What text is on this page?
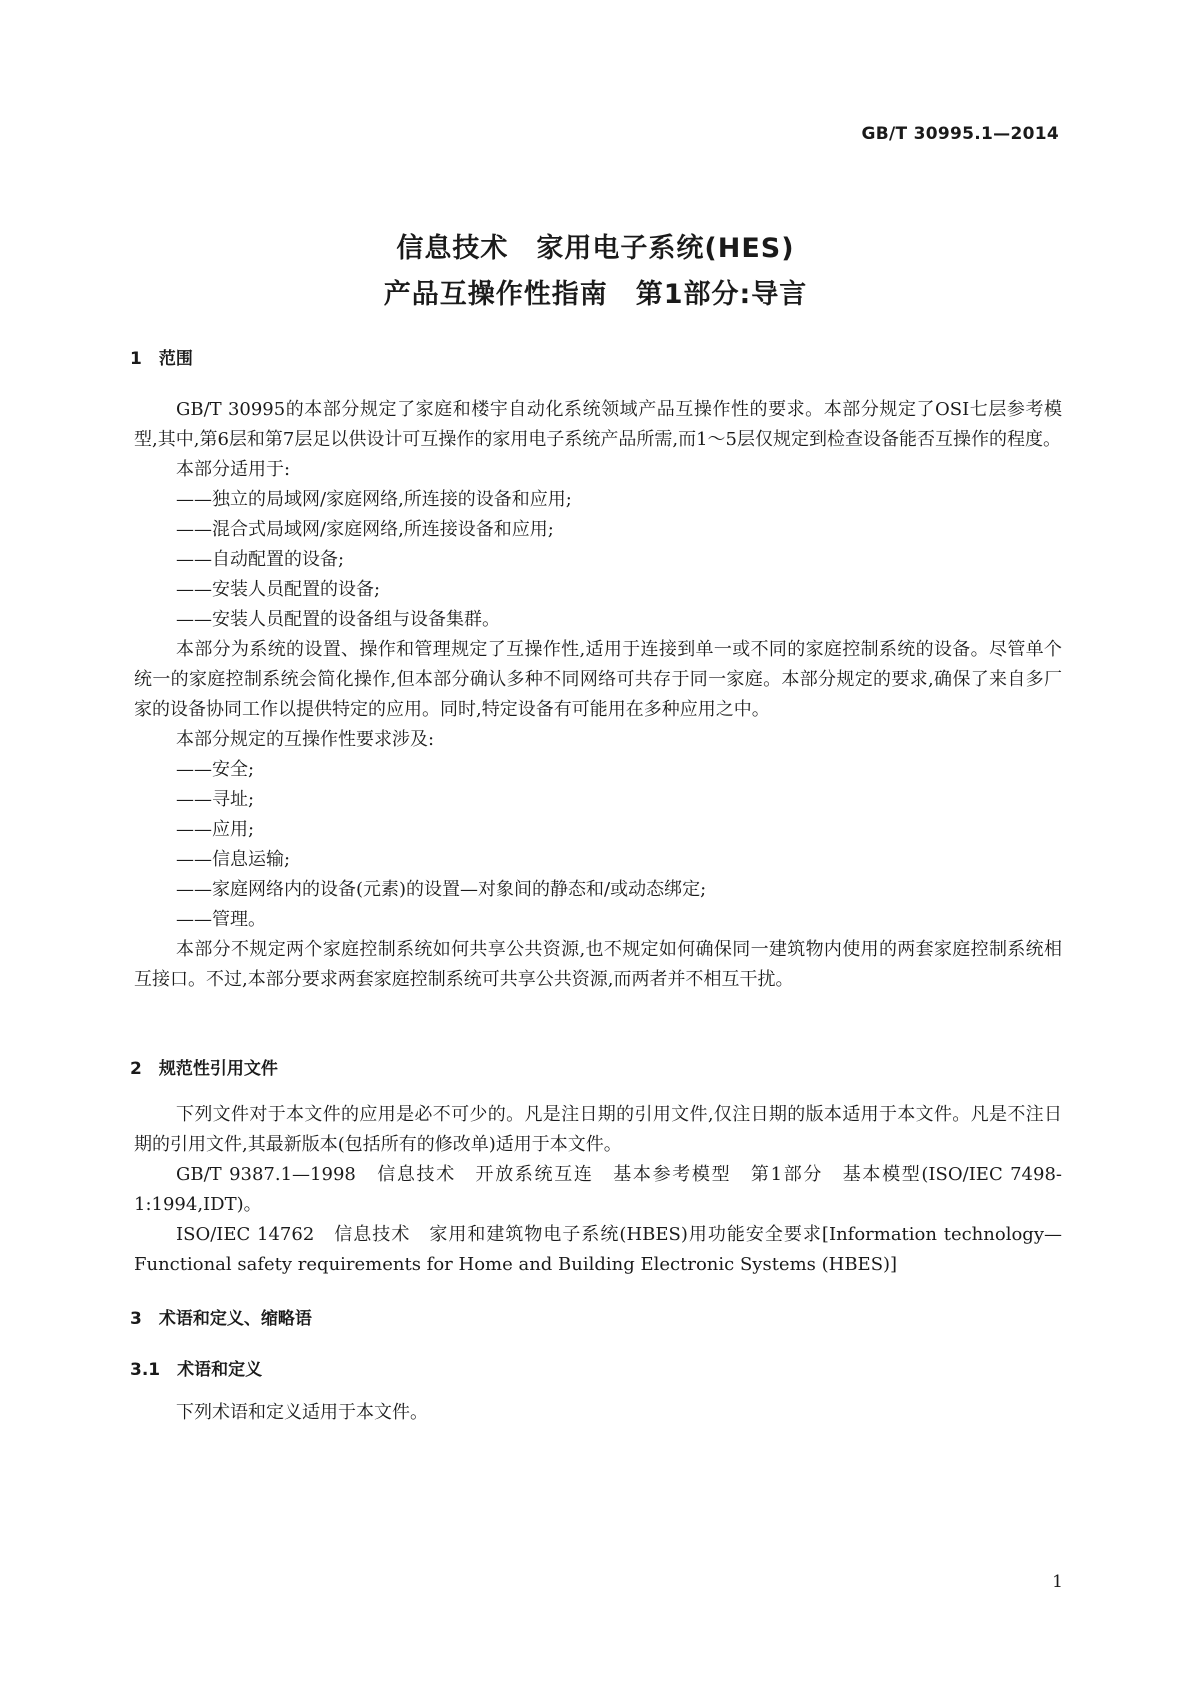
GB/T 30995.1—2014
信息技术　家用电子系统(HES)
产品互操作性指南　第1部分:导言
1　范围

GB/T 30995的本部分规定了家庭和楼宇自动化系统领域产品互操作性的要求。本部分规定了OSI七层参考模型,其中,第6层和第7层足以供设计可互操作的家用电子系统产品所需,而1～5层仅规定到检查设备能否互操作的程度。

本部分适用于:

——独立的局域网/家庭网络,所连接的设备和应用;
——混合式局域网/家庭网络,所连接设备和应用;
——自动配置的设备;
——安装人员配置的设备;
——安装人员配置的设备组与设备集群。

本部分为系统的设置、操作和管理规定了互操作性,适用于连接到单一或不同的家庭控制系统的设备。尽管单个统一的家庭控制系统会简化操作,但本部分确认多种不同网络可共存于同一家庭。本部分规定的要求,确保了来自多厂家的设备协同工作以提供特定的应用。同时,特定设备有可能用在多种应用之中。

本部分规定的互操作性要求涉及:

——安全;
——寻址;
——应用;
——信息运输;
——家庭网络内的设备(元素)的设置—对象间的静态和/或动态绑定;
——管理。

本部分不规定两个家庭控制系统如何共享公共资源,也不规定如何确保同一建筑物内使用的两套家庭控制系统相互接口。不过,本部分要求两套家庭控制系统可共享公共资源,而两者并不相互干扰。

2　规范性引用文件

下列文件对于本文件的应用是必不可少的。凡是注日期的引用文件,仅注日期的版本适用于本文件。凡是不注日期的引用文件,其最新版本(包括所有的修改单)适用于本文件。

GB/T 9387.1—1998　信息技术　开放系统互连　基本参考模型　第1部分　基本模型(ISO/IEC 7498-1:1994,IDT)。

ISO/IEC 14762　信息技术　家用和建筑物电子系统(HBES)用功能安全要求[Information technology—Functional safety requirements for Home and Building Electronic Systems (HBES)]

3　术语和定义、缩略语
3.1　术语和定义

下列术语和定义适用于本文件。

1
